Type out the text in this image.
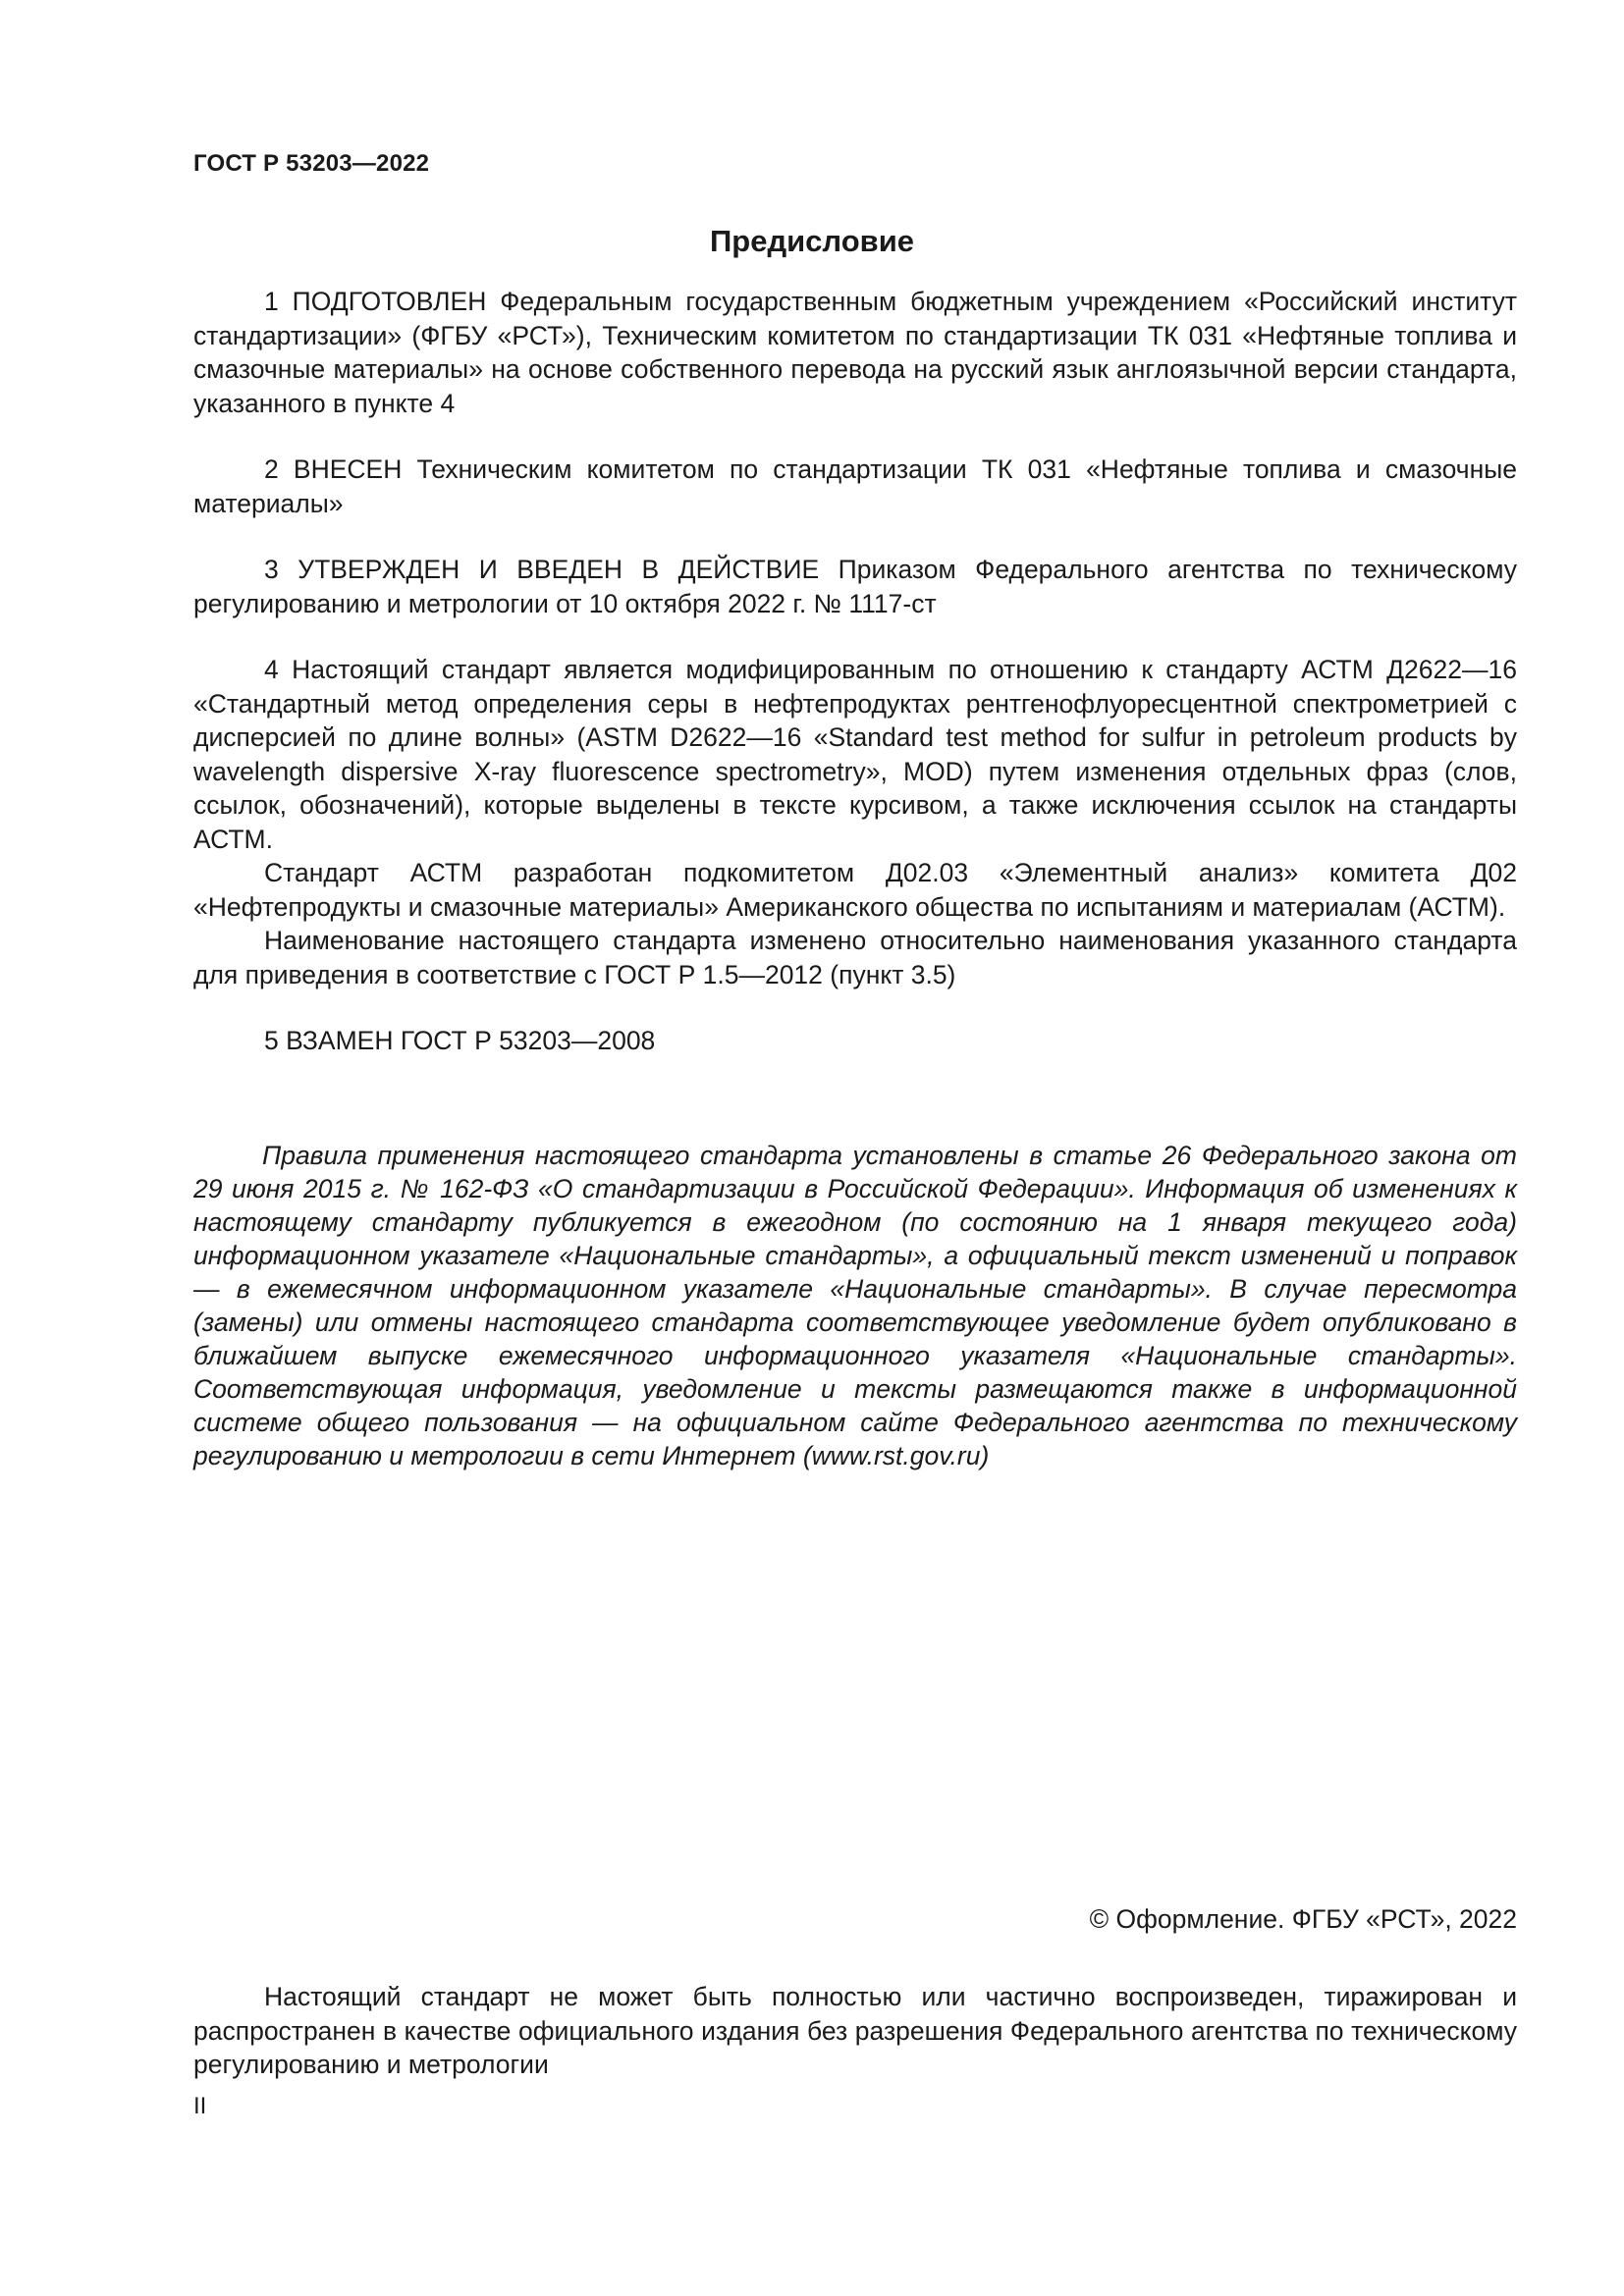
ГОСТ Р 53203—2022
Предисловие

1 ПОДГОТОВЛЕН Федеральным государственным бюджетным учреждением «Российский институт стандартизации» (ФГБУ «РСТ»), Техническим комитетом по стандартизации ТК 031 «Нефтяные топлива и смазочные материалы» на основе собственного перевода на русский язык англоязычной версии стандарта, указанного в пункте 4

2 ВНЕСЕН Техническим комитетом по стандартизации ТК 031 «Нефтяные топлива и смазочные материалы»

3 УТВЕРЖДЕН И ВВЕДЕН В ДЕЙСТВИЕ Приказом Федерального агентства по техническому регулированию и метрологии от 10 октября 2022 г. № 1117-ст

4 Настоящий стандарт является модифицированным по отношению к стандарту АСТМ Д2622—16 «Стандартный метод определения серы в нефтепродуктах рентгенофлуоресцентной спектрометрией с дисперсией по длине волны» (ASTM D2622—16 «Standard test method for sulfur in petroleum products by wavelength dispersive X-ray fluorescence spectrometry», MOD) путем изменения отдельных фраз (слов, ссылок, обозначений), которые выделены в тексте курсивом, а также исключения ссылок на стандарты АСТМ.

Стандарт АСТМ разработан подкомитетом Д02.03 «Элементный анализ» комитета Д02 «Нефтепродукты и смазочные материалы» Американского общества по испытаниям и материалам (АСТМ).

Наименование настоящего стандарта изменено относительно наименования указанного стандарта для приведения в соответствие с ГОСТ Р 1.5—2012 (пункт 3.5)

5 ВЗАМЕН ГОСТ Р 53203—2008

Правила применения настоящего стандарта установлены в статье 26 Федерального закона от 29 июня 2015 г. № 162-ФЗ «О стандартизации в Российской Федерации». Информация об изменениях к настоящему стандарту публикуется в ежегодном (по состоянию на 1 января текущего года) информационном указателе «Национальные стандарты», а официальный текст изменений и поправок — в ежемесячном информационном указателе «Национальные стандарты». В случае пересмотра (замены) или отмены настоящего стандарта соответствующее уведомление будет опубликовано в ближайшем выпуске ежемесячного информационного указателя «Национальные стандарты». Соответствующая информация, уведомление и тексты размещаются также в информационной системе общего пользования — на официальном сайте Федерального агентства по техническому регулированию и метрологии в сети Интернет (www.rst.gov.ru)

© Оформление. ФГБУ «РСТ», 2022

Настоящий стандарт не может быть полностью или частично воспроизведен, тиражирован и распространен в качестве официального издания без разрешения Федерального агентства по техническому регулированию и метрологии

II
